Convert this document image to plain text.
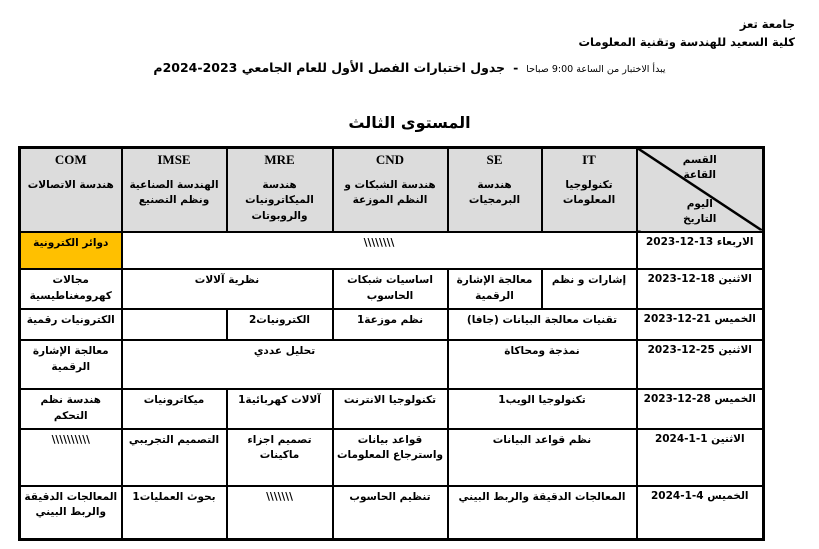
جامعة تعز
كلية السعيد للهندسة وتقنية المعلومات
جدول اختبارات الفصل الأول للعام الجامعي 2023-2024م - يبدأ الاختبار من الساعة 9:00 صباحا
المستوى الثالث
القسم
القاعة
اليوم
التاريخ

IT
تكنولوجيا المعلومات

SE
هندسة البرمجيات

CND
هندسة الشبكات و النظم الموزعة

MRE
هندسة الميكاترونيات والروبوتات

IMSE
الهندسة الصناعية ونظم التصنيع

COM
هندسة الاتصالات

الاربعاء 13-12-2023	\\\\\\\\					دوائر الكترونية
الاثنين 18-12-2023	إشارات و نظم	معالجة الإشارة الرقمية	اساسيات شبكات الحاسوب	نظرية آلالات		مجالات كهرومغناطيسية
الخميس 21-12-2023	تقنيات معالجة البيانات (جافا)		نظم موزعة1	الكترونيات2		الكترونيات رقمية
الاثنين 25-12-2023	نمذجة ومحاكاة		تحليل عددي			معالجة الإشارة الرقمية
الخميس 28-12-2023	تكنولوجيا الويب1		تكنولوجيا الانترنت	آلالات كهربائية1	ميكاترونيات	هندسة نظم التحكم
الاثنين 1-1-2024	نظم قواعد البيانات		قواعد بيانات واسترجاع المعلومات	تصميم اجزاء ماكينات	التصميم التجريبي	\\\\\\\\\\
الخميس 4-1-2024	المعالجات الدقيقة والربط البيني		تنظيم الحاسوب	\\\\\\\	بحوث العمليات1	المعالجات الدقيقة والربط البيني
